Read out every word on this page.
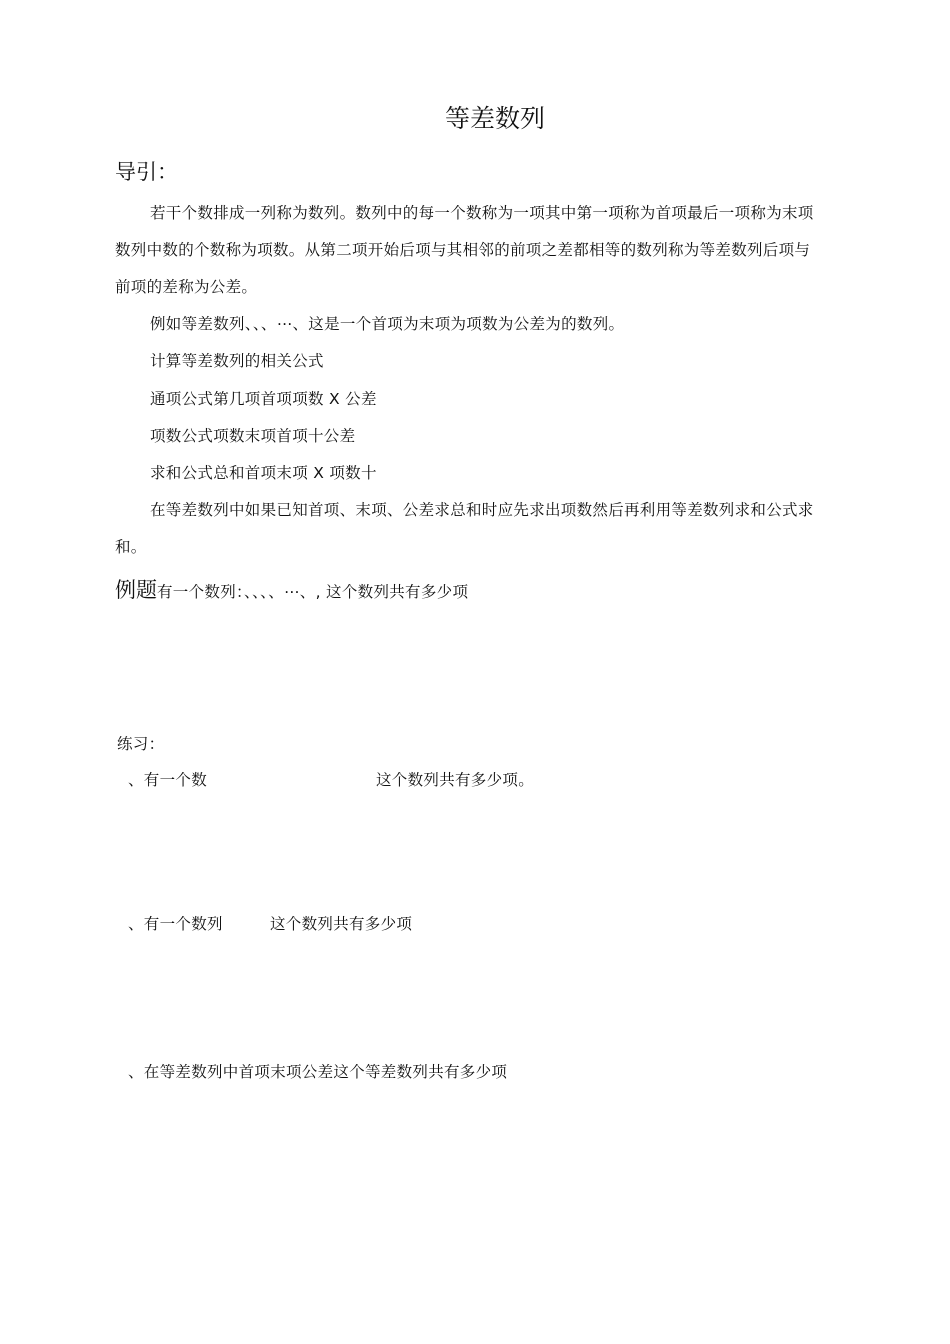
等差数列
导引：
若干个数排成一列称为数列。数列中的每一个数称为一项其中第一项称为首项最后一项称为末项
数列中数的个数称为项数。从第二项开始后项与其相邻的前项之差都相等的数列称为等差数列后项与
前项的差称为公差。
例如等差数列、、、⋯、这是一个首项为末项为项数为公差为的数列。
计算等差数列的相关公式
通项公式第几项首项项数 X 公差
项数公式项数末项首项十公差
求和公式总和首项末项 X 项数十
在等差数列中如果已知首项、末项、公差求总和时应先求出项数然后再利用等差数列求和公式求
和。
例题有一个数列：、、、、⋯、, 这个数列共有多少项
练习：
、有一个数	这个数列共有多少项。
、有一个数列	这个数列共有多少项
、在等差数列中首项末项公差这个等差数列共有多少项
